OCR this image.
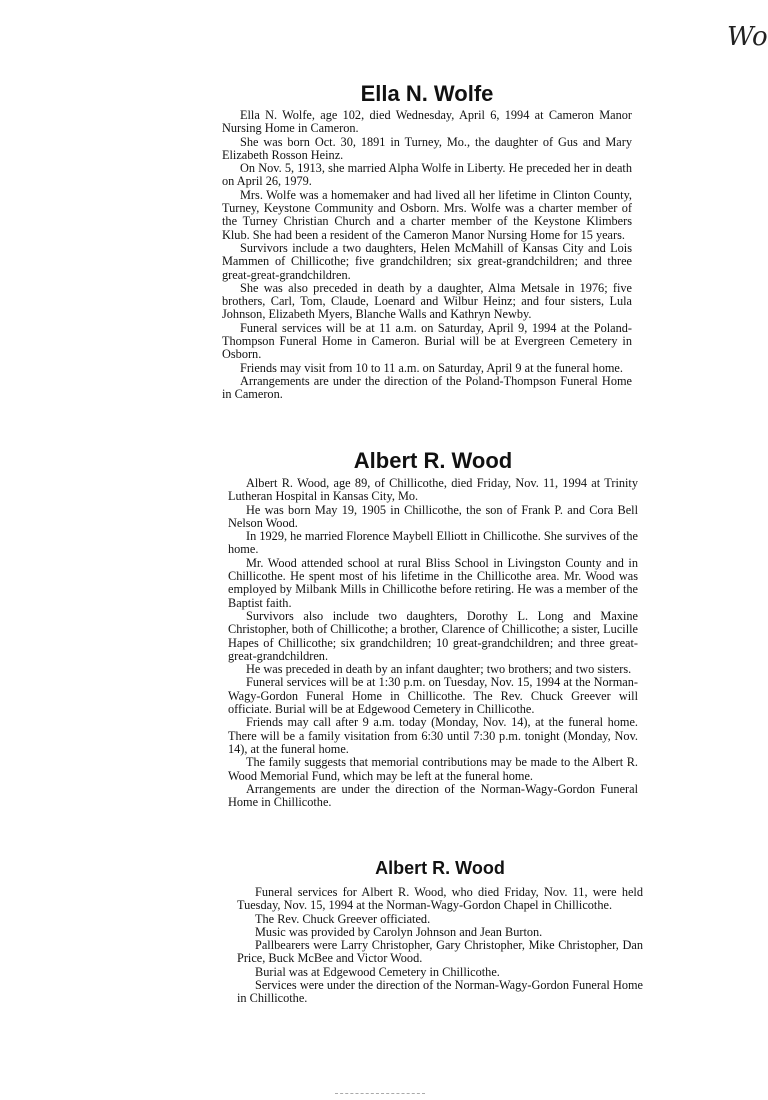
Wo
Ella N. Wolfe

Ella N. Wolfe, age 102, died Wednesday, April 6, 1994 at Cameron Manor Nursing Home in Cameron.

She was born Oct. 30, 1891 in Turney, Mo., the daughter of Gus and Mary Elizabeth Rosson Heinz.

On Nov. 5, 1913, she married Alpha Wolfe in Liberty. He preceded her in death on April 26, 1979.

Mrs. Wolfe was a homemaker and had lived all her lifetime in Clinton County, Turney, Keystone Community and Osborn. Mrs. Wolfe was a charter member of the Turney Christian Church and a charter member of the Keystone Klimbers Klub. She had been a resident of the Cameron Manor Nursing Home for 15 years.

Survivors include a two daughters, Helen McMahill of Kansas City and Lois Mammen of Chillicothe; five grandchildren; six great-grandchildren; and three great-great-grandchildren.

She was also preceded in death by a daughter, Alma Metsale in 1976; five brothers, Carl, Tom, Claude, Loenard and Wilbur Heinz; and four sisters, Lula Johnson, Elizabeth Myers, Blanche Walls and Kathryn Newby.

Funeral services will be at 11 a.m. on Saturday, April 9, 1994 at the Poland-Thompson Funeral Home in Cameron. Burial will be at Evergreen Cemetery in Osborn.

Friends may visit from 10 to 11 a.m. on Saturday, April 9 at the funeral home.

Arrangements are under the direction of the Poland-Thompson Funeral Home in Cameron.

Albert R. Wood

Albert R. Wood, age 89, of Chillicothe, died Friday, Nov. 11, 1994 at Trinity Lutheran Hospital in Kansas City, Mo.

He was born May 19, 1905 in Chillicothe, the son of Frank P. and Cora Bell Nelson Wood.

In 1929, he married Florence Maybell Elliott in Chillicothe. She survives of the home.

Mr. Wood attended school at rural Bliss School in Livingston County and in Chillicothe. He spent most of his lifetime in the Chillicothe area. Mr. Wood was employed by Milbank Mills in Chillicothe before retiring. He was a member of the Baptist faith.

Survivors also include two daughters, Dorothy L. Long and Maxine Christopher, both of Chillicothe; a brother, Clarence of Chillicothe; a sister, Lucille Hapes of Chillicothe; six grandchildren; 10 great-grandchildren; and three great-great-grandchildren.

He was preceded in death by an infant daughter; two brothers; and two sisters.

Funeral services will be at 1:30 p.m. on Tuesday, Nov. 15, 1994 at the Norman-Wagy-Gordon Funeral Home in Chillicothe. The Rev. Chuck Greever will officiate. Burial will be at Edgewood Cemetery in Chillicothe.

Friends may call after 9 a.m. today (Monday, Nov. 14), at the funeral home. There will be a family visitation from 6:30 until 7:30 p.m. tonight (Monday, Nov. 14), at the funeral home.

The family suggests that memorial contributions may be made to the Albert R. Wood Memorial Fund, which may be left at the funeral home.

Arrangements are under the direction of the Norman-Wagy-Gordon Funeral Home in Chillicothe.

Albert R. Wood

Funeral services for Albert R. Wood, who died Friday, Nov. 11, were held Tuesday, Nov. 15, 1994 at the Norman-Wagy-Gordon Chapel in Chillicothe.

The Rev. Chuck Greever officiated.

Music was provided by Carolyn Johnson and Jean Burton.

Pallbearers were Larry Christopher, Gary Christopher, Mike Christopher, Dan Price, Buck McBee and Victor Wood.

Burial was at Edgewood Cemetery in Chillicothe.

Services were under the direction of the Norman-Wagy-Gordon Funeral Home in Chillicothe.
